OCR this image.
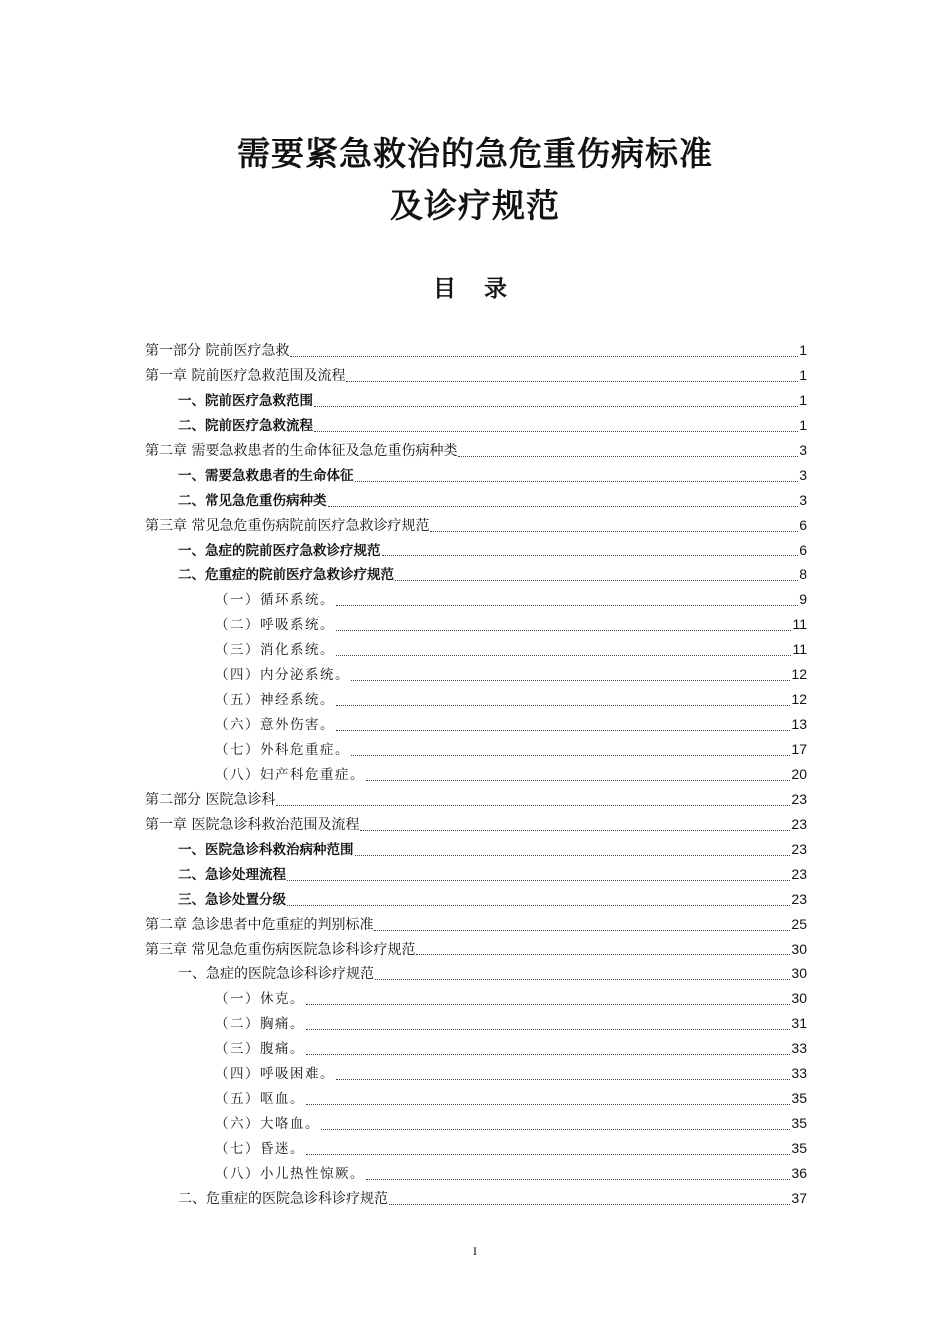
需要紧急救治的急危重伤病标准
及诊疗规范
目 录
第一部分 院前医疗急救	1
第一章 院前医疗急救范围及流程	1
一、院前医疗急救范围	1
二、院前医疗急救流程	1
第二章 需要急救患者的生命体征及急危重伤病种类	3
一、需要急救患者的生命体征	3
二、常见急危重伤病种类	3
第三章 常见急危重伤病院前医疗急救诊疗规范	6
一、急症的院前医疗急救诊疗规范	6
二、危重症的院前医疗急救诊疗规范	8
（一）循环系统。	9
（二）呼吸系统。	11
（三）消化系统。	11
（四）内分泌系统。	12
（五）神经系统。	12
（六）意外伤害。	13
（七）外科危重症。	17
（八）妇产科危重症。	20
第二部分 医院急诊科	23
第一章 医院急诊科救治范围及流程	23
一、医院急诊科救治病种范围	23
二、急诊处理流程	23
三、急诊处置分级	23
第二章 急诊患者中危重症的判别标准	25
第三章 常见急危重伤病医院急诊科诊疗规范	30
一、急症的医院急诊科诊疗规范	30
（一）休克。	30
（二）胸痛。	31
（三）腹痛。	33
（四）呼吸困难。	33
（五）呕血。	35
（六）大咯血。	35
（七）昏迷。	35
（八）小儿热性惊厥。	36
二、危重症的医院急诊科诊疗规范	37
I
